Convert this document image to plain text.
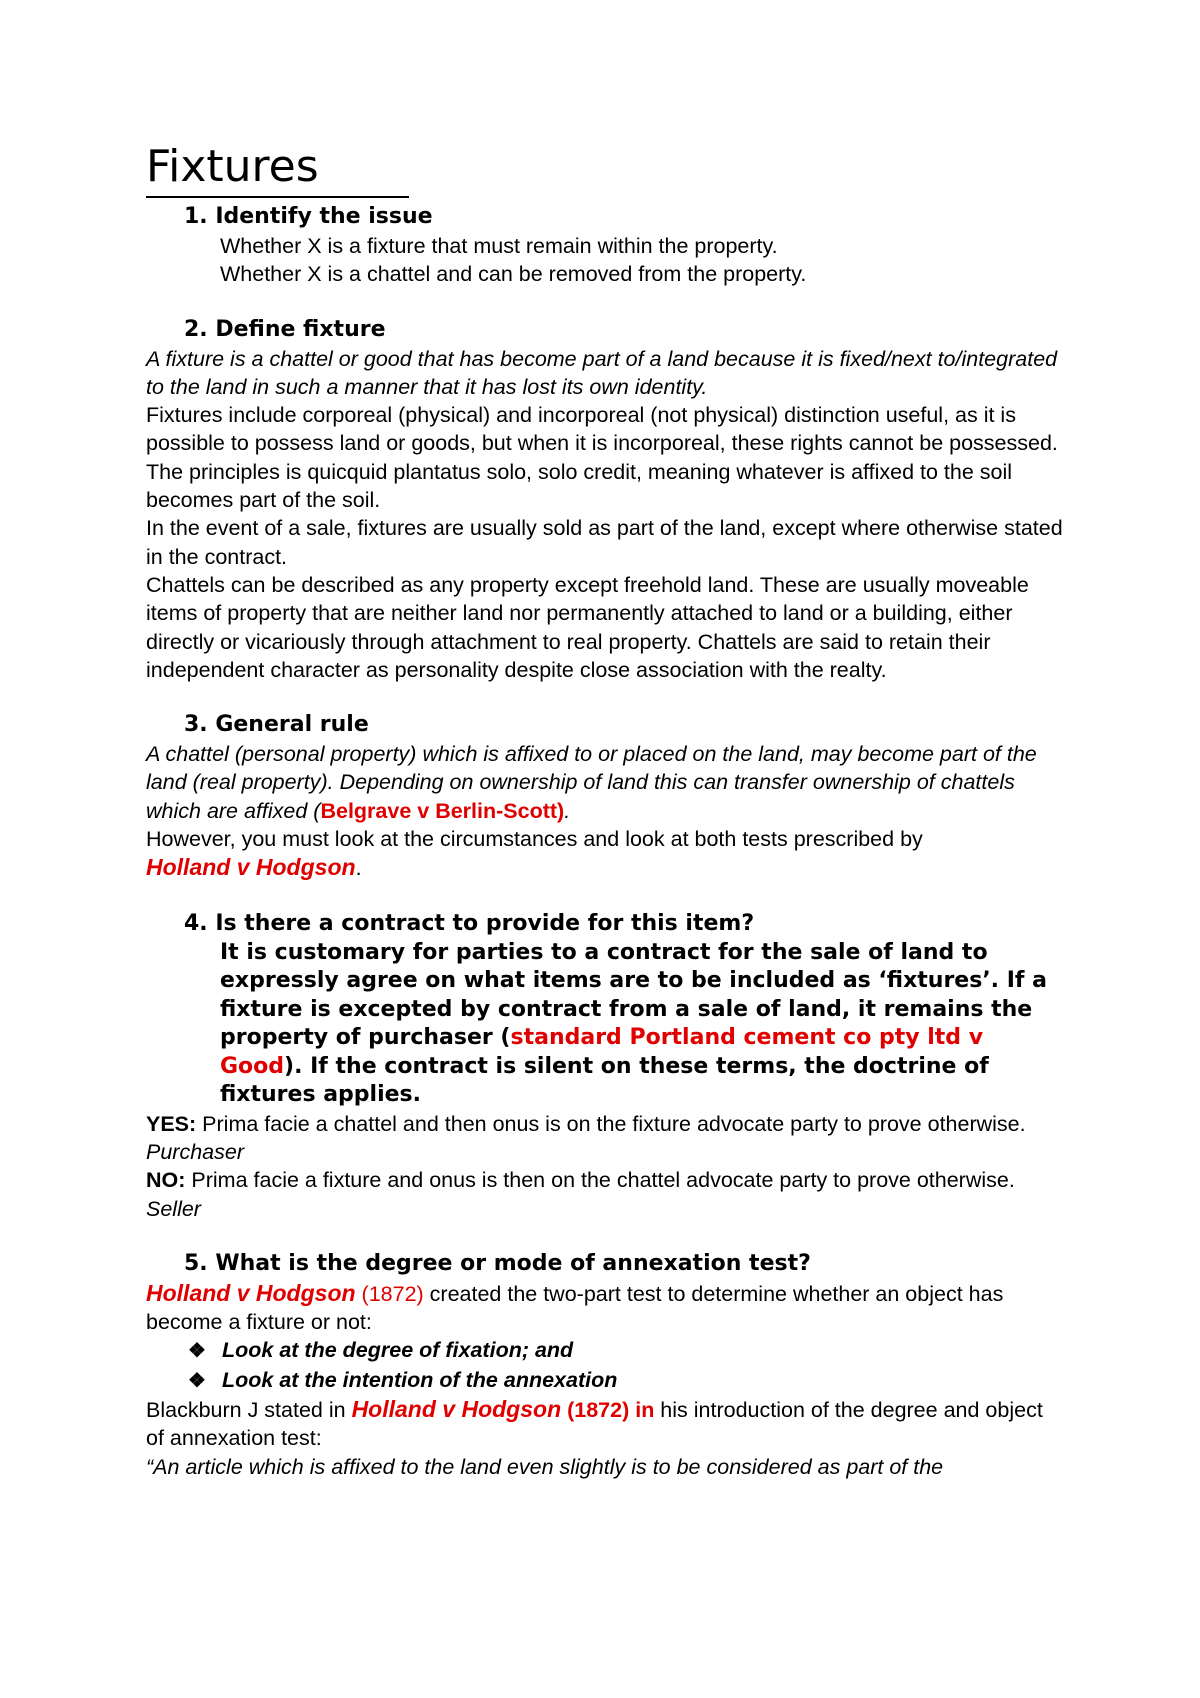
Fixtures

1. Identify the issue

Whether X is a fixture that must remain within the property.

Whether X is a chattel and can be removed from the property.

2. Define fixture

A fixture is a chattel or good that has become part of a land because it is fixed/next to/integrated to the land in such a manner that it has lost its own identity.

Fixtures include corporeal (physical) and incorporeal (not physical) distinction useful, as it is possible to possess land or goods, but when it is incorporeal, these rights cannot be possessed.

The principles is quicquid plantatus solo, solo credit, meaning whatever is affixed to the soil becomes part of the soil.

In the event of a sale, fixtures are usually sold as part of the land, except where otherwise stated in the contract.

Chattels can be described as any property except freehold land. These are usually moveable items of property that are neither land nor permanently attached to land or a building, either directly or vicariously through attachment to real property. Chattels are said to retain their independent character as personality despite close association with the realty.

3. General rule

A chattel (personal property) which is affixed to or placed on the land, may become part of the land (real property). Depending on ownership of land this can transfer ownership of chattels which are affixed (Belgrave v Berlin-Scott).

However, you must look at the circumstances and look at both tests prescribed by
Holland v Hodgson.

4. Is there a contract to provide for this item?

It is customary for parties to a contract for the sale of land to expressly agree on what items are to be included as ‘fixtures’. If a fixture is excepted by contract from a sale of land, it remains the property of purchaser (standard Portland cement co pty ltd v Good). If the contract is silent on these terms, the doctrine of fixtures applies.

YES: Prima facie a chattel and then onus is on the fixture advocate party to prove otherwise. Purchaser

NO: Prima facie a fixture and onus is then on the chattel advocate party to prove otherwise. Seller

5. What is the degree or mode of annexation test?

Holland v Hodgson (1872) created the two-part test to determine whether an object has become a fixture or not:

❖ Look at the degree of fixation; and
❖ Look at the intention of the annexation

Blackburn J stated in Holland v Hodgson (1872) in his introduction of the degree and object of annexation test:

“An article which is affixed to the land even slightly is to be considered as part of the
